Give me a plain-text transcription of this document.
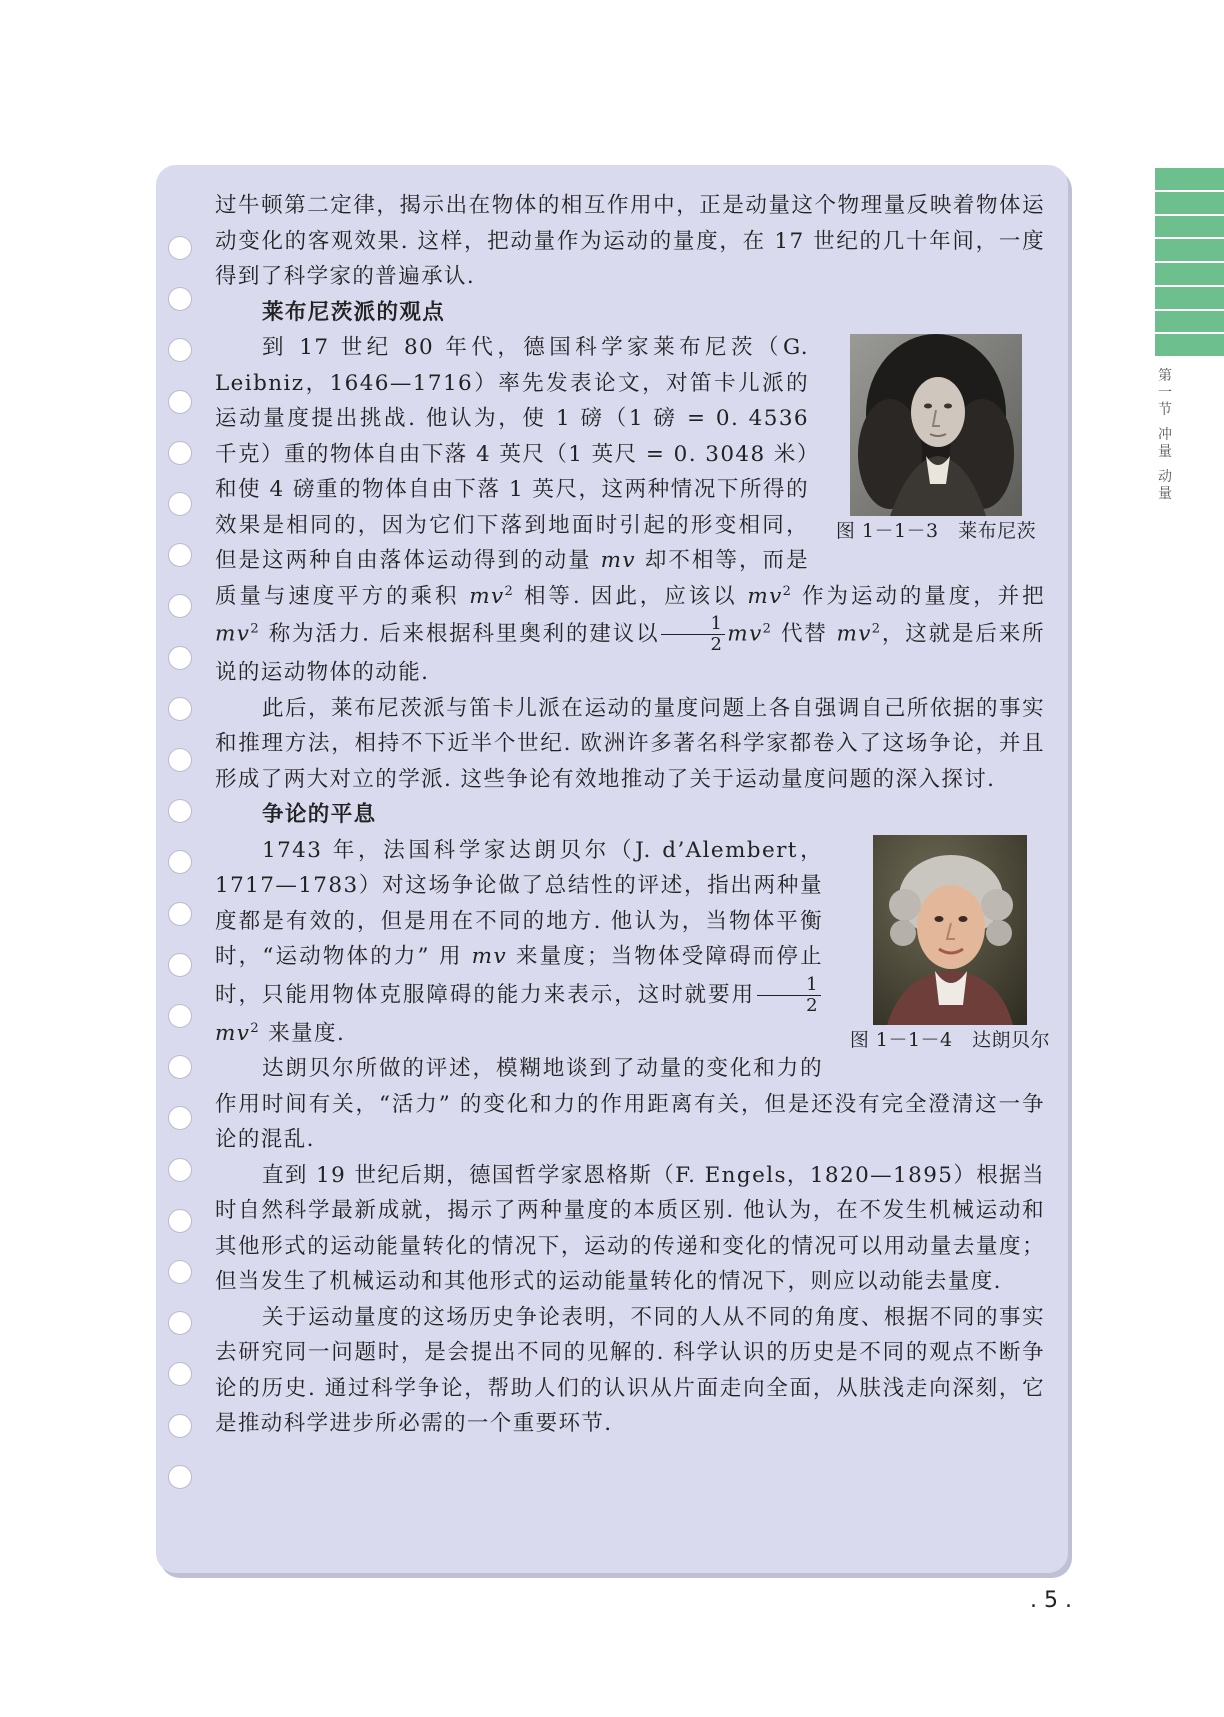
第
一
节
冲
量
动
量

过牛顿第二定律，揭示出在物体的相互作用中，正是动量这个物理量反映着物体运动变化的客观效果. 这样，把动量作为运动的量度，在 17 世纪的几十年间，一度得到了科学家的普遍承认.

莱布尼茨派的观点
图 1－1－3　莱布尼茨

到 17 世纪 80 年代，德国科学家莱布尼茨（G. Leibniz，1646—1716）率先发表论文，对笛卡儿派的运动量度提出挑战. 他认为，使 1 磅（1 磅 = 0. 4536 千克）重的物体自由下落 4 英尺（1 英尺 = 0. 3048 米）和使 4 磅重的物体自由下落 1 英尺，这两种情况下所得的效果是相同的，因为它们下落到地面时引起的形变相同，但是这两种自由落体运动得到的动量 mv 却不相等，而是质量与速度平方的乘积 $mv^2$ 相等. 因此，应该以 $mv^2$ 作为运动的量度，并把 $mv^2$ 称为活力. 后来根据科里奥利的建议以 $\frac{1}{2} mv^2$ 代替 $mv^2$，这就是后来所说的运动物体的动能.

此后，莱布尼茨派与笛卡儿派在运动的量度问题上各自强调自己所依据的事实和推理方法，相持不下近半个世纪. 欧洲许多著名科学家都卷入了这场争论，并且形成了两大对立的学派. 这些争论有效地推动了关于运动量度问题的深入探讨.

争论的平息
图 1－1－4　达朗贝尔

1743 年，法国科学家达朗贝尔（J. d’Alembert，1717—1783）对这场争论做了总结性的评述，指出两种量度都是有效的，但是用在不同的地方. 他认为，当物体平衡时，“运动物体的力” 用 mv 来量度；当物体受障碍而停止时，只能用物体克服障碍的能力来表示，这时就要用 $\frac{1}{2}$
$mv^2$ 来量度.

达朗贝尔所做的评述，模糊地谈到了动量的变化和力的作用时间有关，“活力” 的变化和力的作用距离有关，但是还没有完全澄清这一争论的混乱.

直到 19 世纪后期，德国哲学家恩格斯（F. Engels，1820—1895）根据当时自然科学最新成就，揭示了两种量度的本质区别. 他认为，在不发生机械运动和其他形式的运动能量转化的情况下，运动的传递和变化的情况可以用动量去量度；但当发生了机械运动和其他形式的运动能量转化的情况下，则应以动能去量度.

关于运动量度的这场历史争论表明，不同的人从不同的角度、根据不同的事实去研究同一问题时，是会提出不同的见解的. 科学认识的历史是不同的观点不断争论的历史. 通过科学争论，帮助人们的认识从片面走向全面，从肤浅走向深刻，它是推动科学进步所必需的一个重要环节.

. 5 .
